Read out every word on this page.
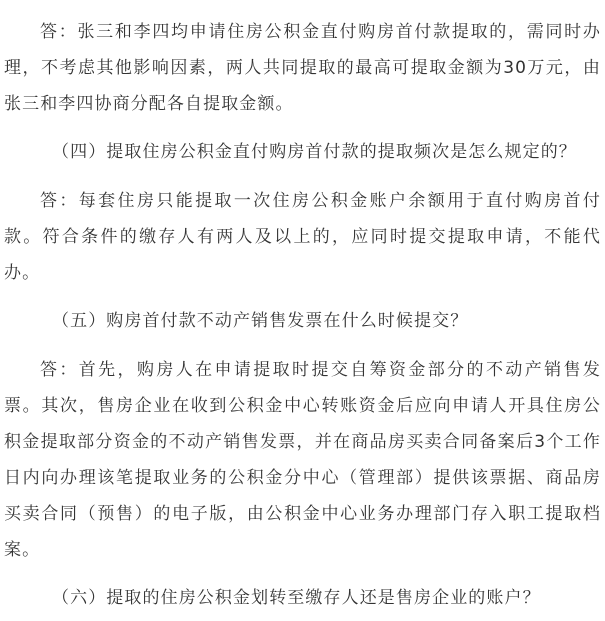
答：张三和李四均申请住房公积金直付购房首付款提取的，需同时办理，不考虑其他影响因素，两人共同提取的最高可提取金额为30万元，由张三和李四协商分配各自提取金额。

（四）提取住房公积金直付购房首付款的提取频次是怎么规定的？

答：每套住房只能提取一次住房公积金账户余额用于直付购房首付款。符合条件的缴存人有两人及以上的，应同时提交提取申请，不能代办。

（五）购房首付款不动产销售发票在什么时候提交？

答：首先，购房人在申请提取时提交自筹资金部分的不动产销售发票。其次，售房企业在收到公积金中心转账资金后应向申请人开具住房公积金提取部分资金的不动产销售发票，并在商品房买卖合同备案后3个工作日内向办理该笔提取业务的公积金分中心（管理部）提供该票据、商品房买卖合同（预售）的电子版，由公积金中心业务办理部门存入职工提取档案。

（六）提取的住房公积金划转至缴存人还是售房企业的账户？
